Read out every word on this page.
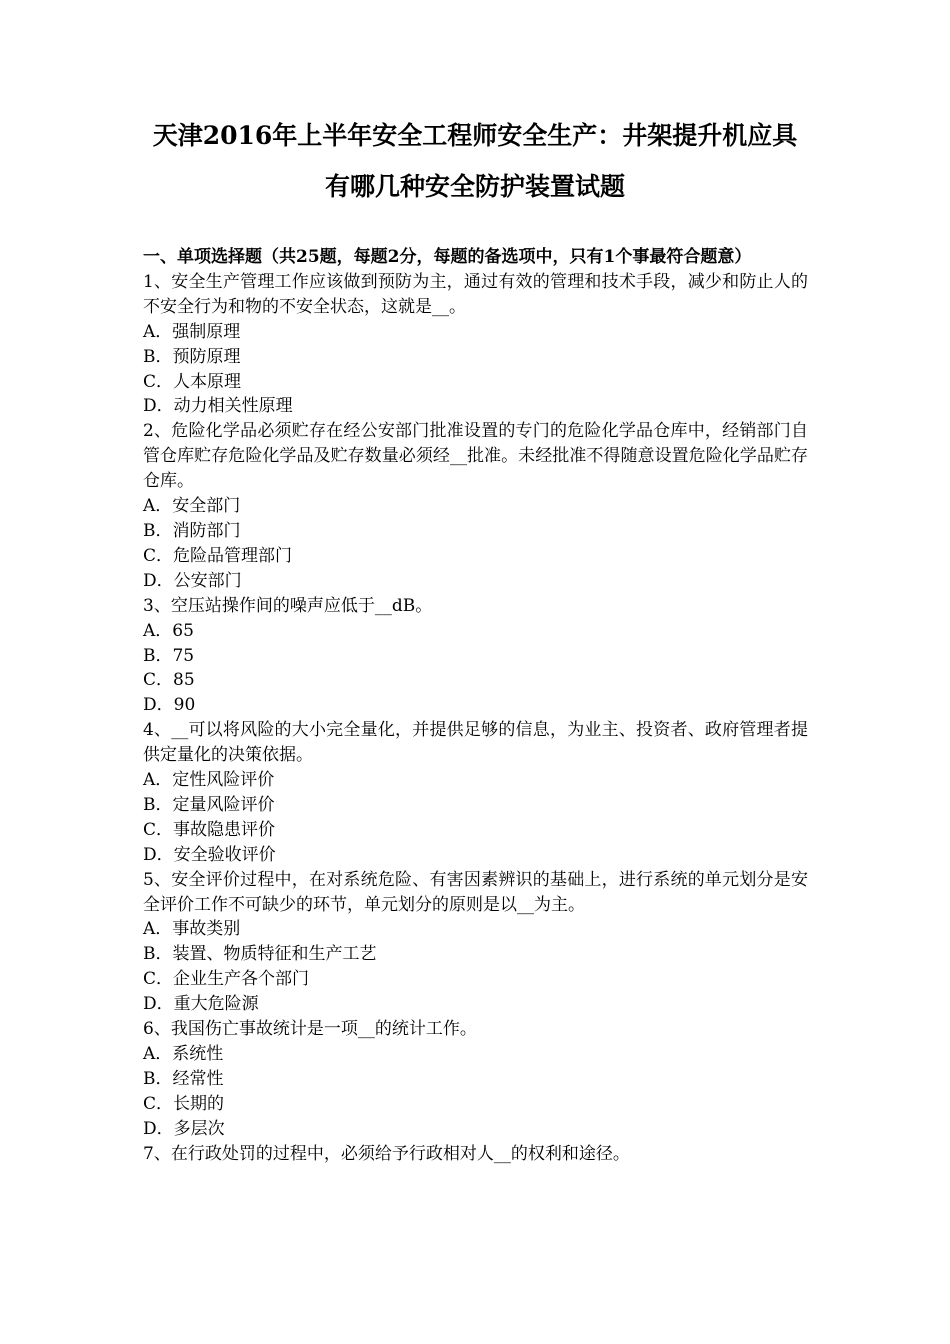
天津2016年上半年安全工程师安全生产：井架提升机应具
有哪几种安全防护装置试题
一、单项选择题（共25题，每题2分，每题的备选项中，只有1个事最符合题意）
1、安全生产管理工作应该做到预防为主，通过有效的管理和技术手段，减少和防止人的不安全行为和物的不安全状态，这就是__。
A．强制原理
B．预防原理
C．人本原理
D．动力相关性原理
2、危险化学品必须贮存在经公安部门批准设置的专门的危险化学品仓库中，经销部门自管仓库贮存危险化学品及贮存数量必须经__批准。未经批准不得随意设置危险化学品贮存仓库。
A．安全部门
B．消防部门
C．危险品管理部门
D．公安部门
3、空压站操作间的噪声应低于__dB。
A．65
B．75
C．85
D．90
4、__可以将风险的大小完全量化，并提供足够的信息，为业主、投资者、政府管理者提供定量化的决策依据。
A．定性风险评价
B．定量风险评价
C．事故隐患评价
D．安全验收评价
5、安全评价过程中，在对系统危险、有害因素辨识的基础上，进行系统的单元划分是安全评价工作不可缺少的环节，单元划分的原则是以__为主。
A．事故类别
B．装置、物质特征和生产工艺
C．企业生产各个部门
D．重大危险源
6、我国伤亡事故统计是一项__的统计工作。
A．系统性
B．经常性
C．长期的
D．多层次
7、在行政处罚的过程中，必须给予行政相对人__的权利和途径。
